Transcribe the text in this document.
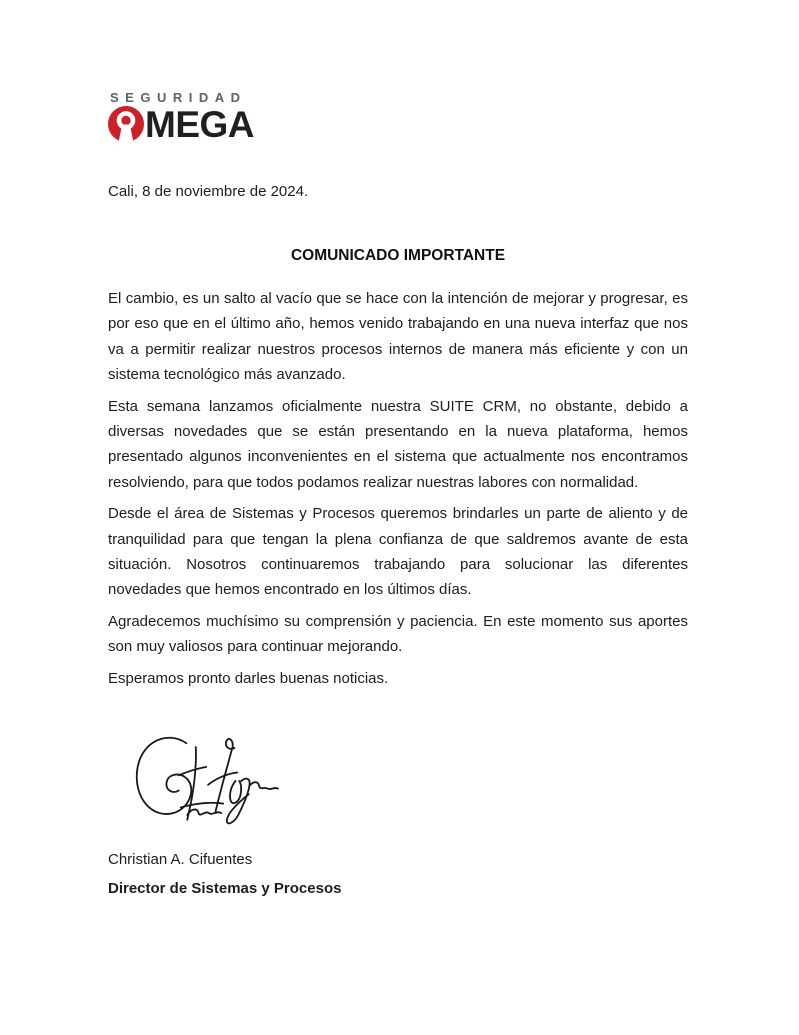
SEGURIDAD
MEGA

Cali, 8 de noviembre de 2024.

COMUNICADO IMPORTANTE

El cambio, es un salto al vacío que se hace con la intención de mejorar y progresar, es por eso que en el último año, hemos venido trabajando en una nueva interfaz que nos va a permitir realizar nuestros procesos internos de manera más eficiente y con un sistema tecnológico más avanzado.

Esta semana lanzamos oficialmente nuestra SUITE CRM, no obstante, debido a diversas novedades que se están presentando en la nueva plataforma, hemos presentado algunos inconvenientes en el sistema que actualmente nos encontramos resolviendo, para que todos podamos realizar nuestras labores con normalidad.

Desde el área de Sistemas y Procesos queremos brindarles un parte de aliento y de tranquilidad para que tengan la plena confianza de que saldremos avante de esta situación. Nosotros continuaremos trabajando para solucionar las diferentes novedades que hemos encontrado en los últimos días.

Agradecemos muchísimo su comprensión y paciencia. En este momento sus aportes son muy valiosos para continuar mejorando.

Esperamos pronto darles buenas noticias.

Christian A. Cifuentes

Director de Sistemas y Procesos
